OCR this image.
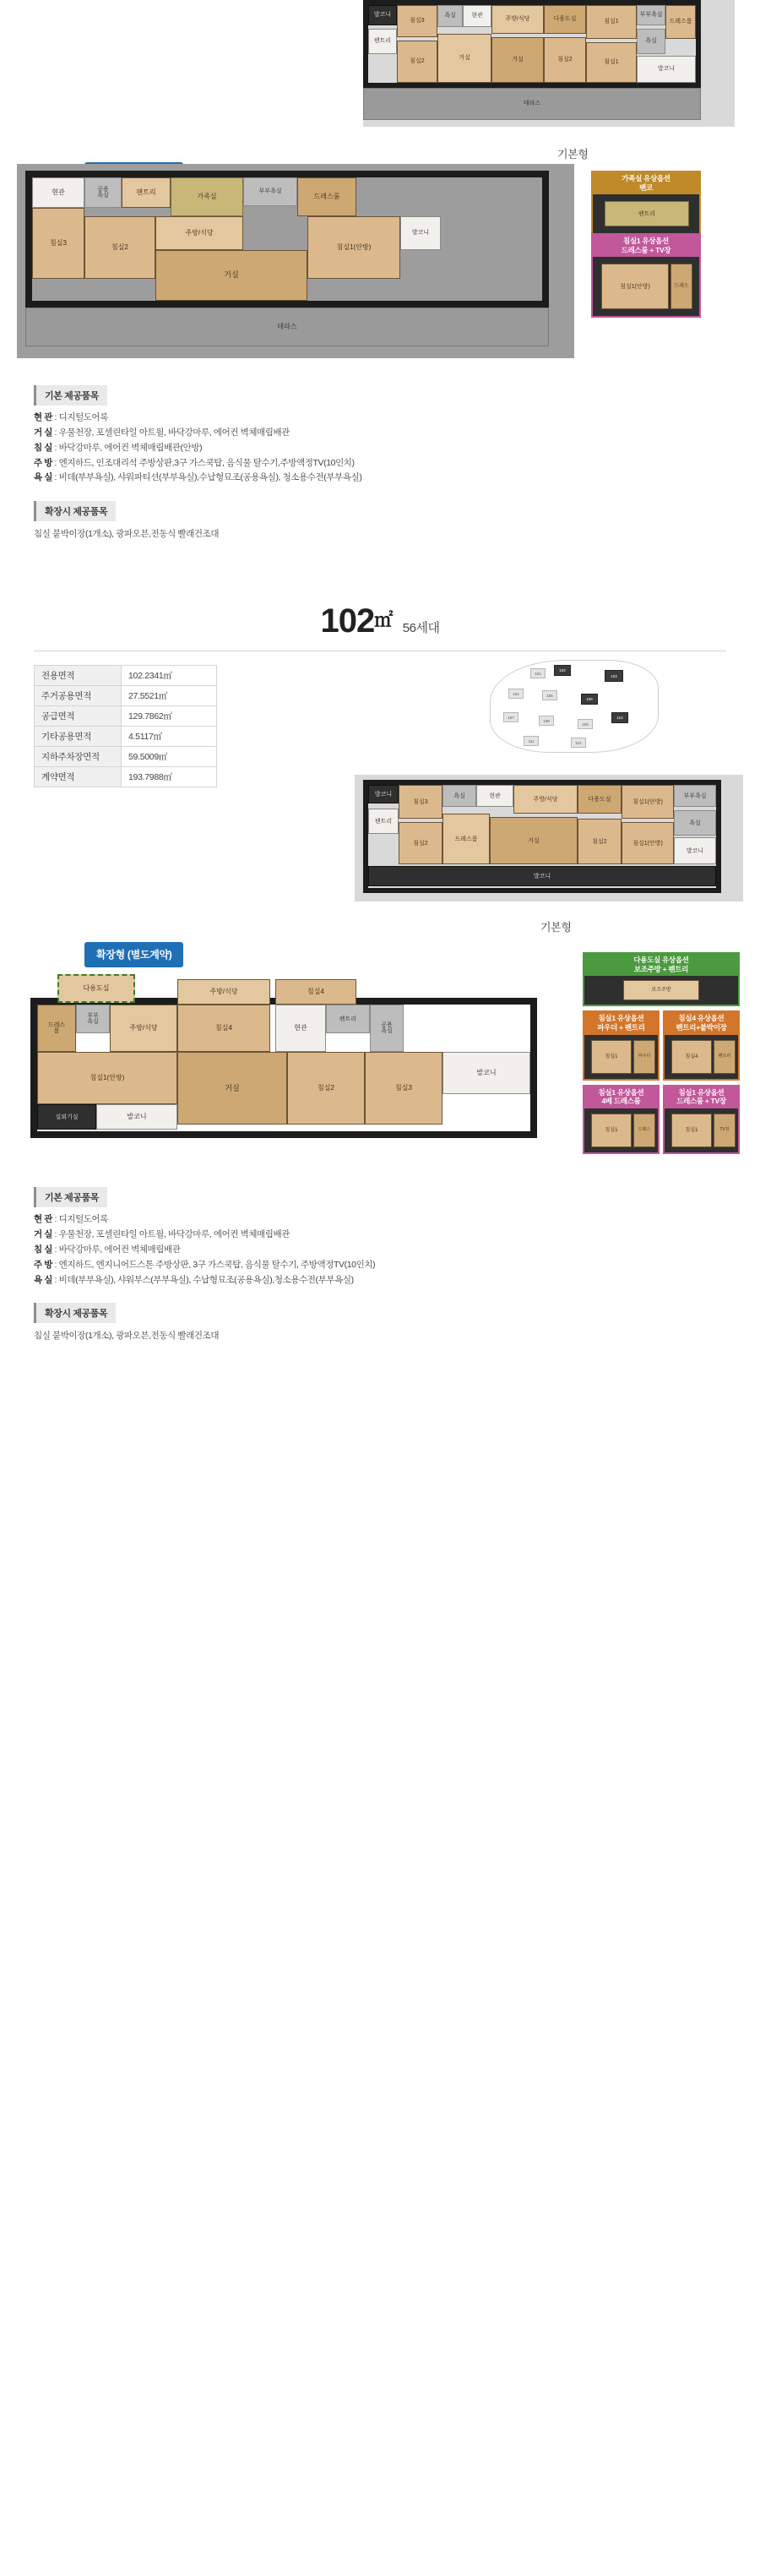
발코니
침실3
욕실	현관
주방/식당	다용도실	침실1
부부욕실
드레스룸
팬트리
거실
침실2	거실	침실2	침실1
욕실
발코니
테라스
기본형
현관	공용
욕실	팬트리
가족실
부부욕실
드레스룸
침실3
침실2
주방/식당
거실
침실1(안방)
발코니
테라스
가족실 유상옵션
팬코
팬트리
침실1 유상옵션
드레스룸 + TV장
침실1(안방)	드레스
기본 제공품목
현 관 : 디지털도어록
거 실 : 우물천장, 포셀린타일 아트월, 바닥강마루, 에어컨 벽체매립배관
침 실 : 바닥강마루, 에어컨 벽체매립배관(안방)
주 방 : 엔지하드, 인조대리석 주방상판,3구 가스쿡탑, 음식물 탈수기,주방액정TV(10인치)
욕 실 : 비데(부부욕실), 샤워파티션(부부욕실),수납형묘조(공용욕실), 청소용수전(부부욕실)
확장시 제공품목
침실 붙박이장(1개소), 광파오븐,전동식 빨래건조대
102㎡ 56세대
전용면적	102.2341㎡
주거공용면적	27.5521㎡
공급면적	129.7862㎡
기타공용면적	4.5117㎡
지하주차장면적	59.5009㎡
계약면적	193.7988㎡
101
102
103
104	105
106
107
108
109
110
111	112
발코니
침실3
욕실	현관
주방/식당	다용도실	침실1(안방)
부부욕실
팬트리
드레스룸
침실2	거실	침실2	침실1(안방)
욕실
발코니
발코니
기본형
확장형 (별도계약)
다용도실	주방/식당	침실4
드레스
룸
부부
욕실
주방/식당	침실4	현관
펜트리
공용
욕실
침실1(안방)
거실	침실2	침실3
발코니
실외기실	발코니
다용도실 유상옵션
보조주방 + 펜트리
보조주방
침실1 유상옵션
파우더 + 펜트리
침실1	파우더
침실4 유상옵션
펜트리+붙박이장
침실4	펜트리
침실1 유상옵션
4베 드레스룸
침실1	드레스
침실1 유상옵션
드레스룸 + TV장
침실1	TV장
기본 제공품목
현 관 : 디지털도어록
거 실 : 우물천장, 포셀린타일 아트월, 바닥강마루, 에어컨 벽체매립배관
침 실 : 바닥강마루, 에어컨 벽체매립배관
주 방 : 엔지하드, 엔지니어드스톤 주방상판, 3구 가스쿡탑, 음식물 탈수기, 주방액정TV(10인치)
욕 실 : 비데(부부욕실), 샤워부스(부부욕실), 수납형묘조(공용욕실),청소용수전(부부욕실)
확장시 제공품목
침실 붙박이장(1개소), 광파오븐,전동식 빨래건조대
